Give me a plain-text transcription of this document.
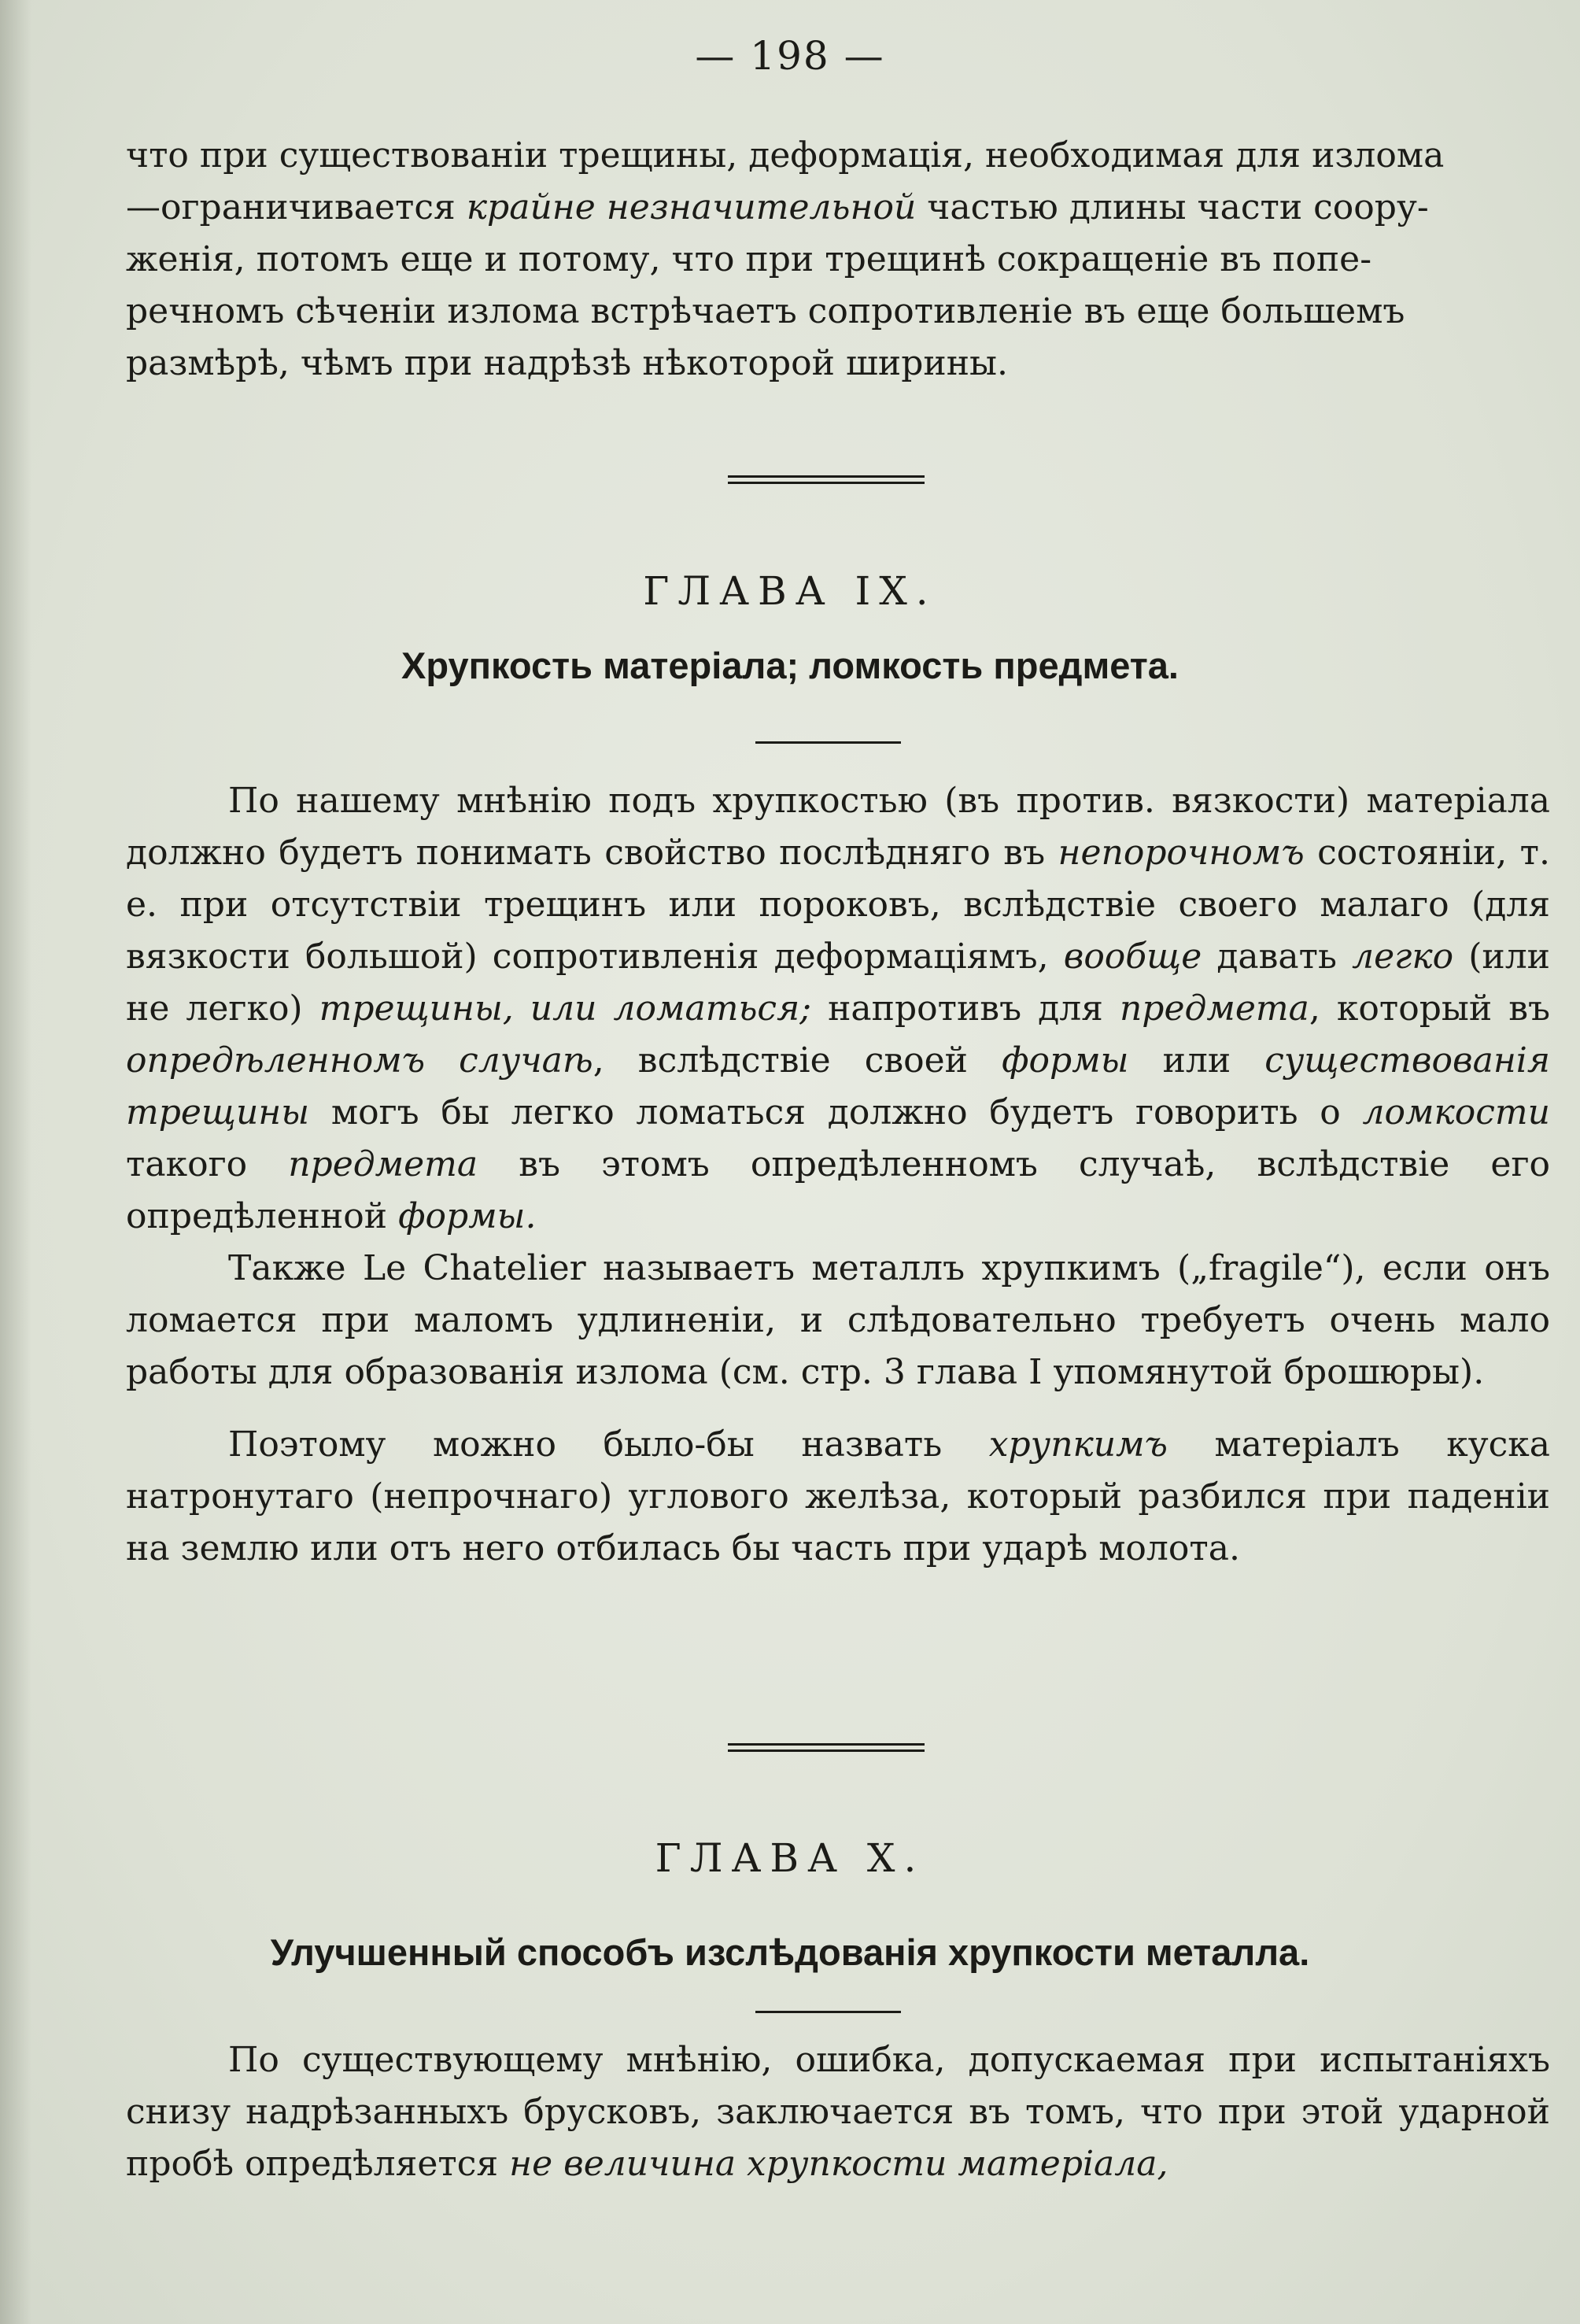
— 198 —

что при существованіи трещины, деформація, необходимая для излома

—ограничивается крайне незначительной частью длины части соору-

женія, потомъ еще и потому, что при трещинѣ сокращеніе въ попе-

речномъ сѣченіи излома встрѣчаетъ сопротивленіе въ еще большемъ

размѣрѣ, чѣмъ при надрѣзѣ нѣкоторой ширины.

ГЛАВА IX.
Хрупкость матеріала; ломкость предмета.

По нашему мнѣнію подъ хрупкостью (въ против. вязкости) матеріала должно будетъ понимать свойство послѣдняго въ непорочномъ состояніи, т. е. при отсутствіи трещинъ или пороковъ, вслѣдствіе своего малаго (для вязкости большой) сопротивленія деформаціямъ, вообще давать легко (или не легко) трещины, или ломаться; напротивъ для предмета, который въ опредѣленномъ случаѣ, вслѣдствіе своей формы или существованія трещины могъ бы легко ломаться должно будетъ говорить о ломкости такого предмета въ этомъ опредѣленномъ случаѣ, вслѣдствіе его опредѣленной формы.

Также Le Chatelier называетъ металлъ хрупкимъ („fragile“), если онъ ломается при маломъ удлиненіи, и слѣдовательно требуетъ очень мало работы для образованія излома (см. стр. 3 глава I упомянутой брошюры).

Поэтому можно было-бы назвать хрупкимъ матеріалъ куска натронутаго (непрочнаго) углового желѣза, который разбился при паденіи на землю или отъ него отбилась бы часть при ударѣ молота.

ГЛАВА X.
Улучшенный способъ изслѣдованія хрупкости металла.

По существующему мнѣнію, ошибка, допускаемая при испытаніяхъ снизу надрѣзанныхъ брусковъ, заключается въ томъ, что при этой ударной пробѣ опредѣляется не величина хрупкости матеріала,
